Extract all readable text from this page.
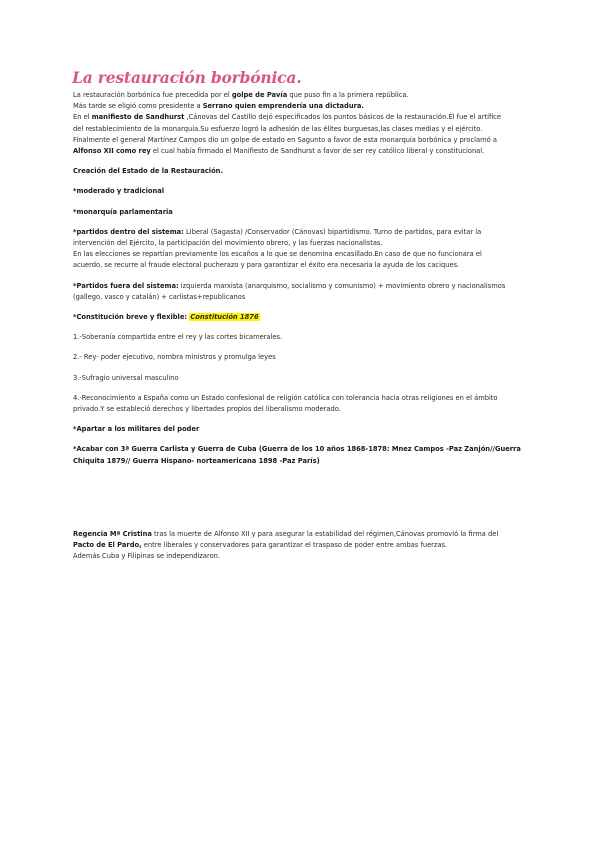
La restauración borbónica.

La restauración borbónica fue precedida por el golpe de Pavía que puso fin a la primera república.

Más tarde se eligió como presidente a Serrano quien emprendería una dictadura.

En el manifiesto de Sandhurst ,Cánovas del Castillo dejó especificados los puntos básicos de la restauración.Él fue el artífice

del restablecimiento de la monarquía.Su esfuerzo logró la adhesión de las élites burguesas,las clases medias y el ejército.

Finalmente el general Martínez Campos dio un golpe de estado en Sagunto a favor de esta monarquía borbónica y proclamó a

Alfonso XII como rey el cual había firmado el Manifiesto de Sandhurst a favor de ser rey católico liberal y constitucional.

Creación del Estado de la Restauración.

*moderado y tradicional

*monarquía parlamentaria

*partidos dentro del sistema: Liberal (Sagasta) /Conservador (Cánovas) bipartidismo. Turno de partidos, para evitar la

intervención del Ejército, la participación del movimiento obrero, y las fuerzas nacionalistas.

En las elecciones se repartían previamente los escaños a lo que se denomina encasillado.En caso de que no funcionara el

acuerdo, se recurre al fraude electoral pucherazo y para garantizar el éxito era necesaria la ayuda de los caciques.

*Partidos fuera del sistema: izquierda marxista (anarquismo, socialismo y comunismo) + movimiento obrero y nacionalismos

(gallego, vasco y catalán) + carlistas+republicanos

*Constitución breve y flexible: Constitución 1876

1.-Soberanía compartida entre el rey y las cortes bicamerales.

2.- Rey- poder ejecutivo, nombra ministros y promulga leyes

3.-Sufragio universal masculino

4.-Reconocimiento a España como un Estado confesional de religión católica con tolerancia hacia otras religiones en el ámbito

privado.Y se estableció derechos y libertades propios del liberalismo moderado.

*Apartar a los militares del poder

*Acabar con 3ª Guerra Carlista y Guerra de Cuba (Guerra de los 10 años 1868-1878: Mnez Campos -Paz Zanjón//Guerra

Chiquita 1879// Guerra Hispano- norteamericana 1898 -Paz París)

Regencia Mª Cristina tras la muerte de Alfonso XII y para asegurar la estabilidad del régimen,Cánovas promovió la firma del

Pacto de El Pardo, entre liberales y conservadores para garantizar el traspaso de poder entre ambas fuerzas.

Además Cuba y Filipinas se independizaron.
